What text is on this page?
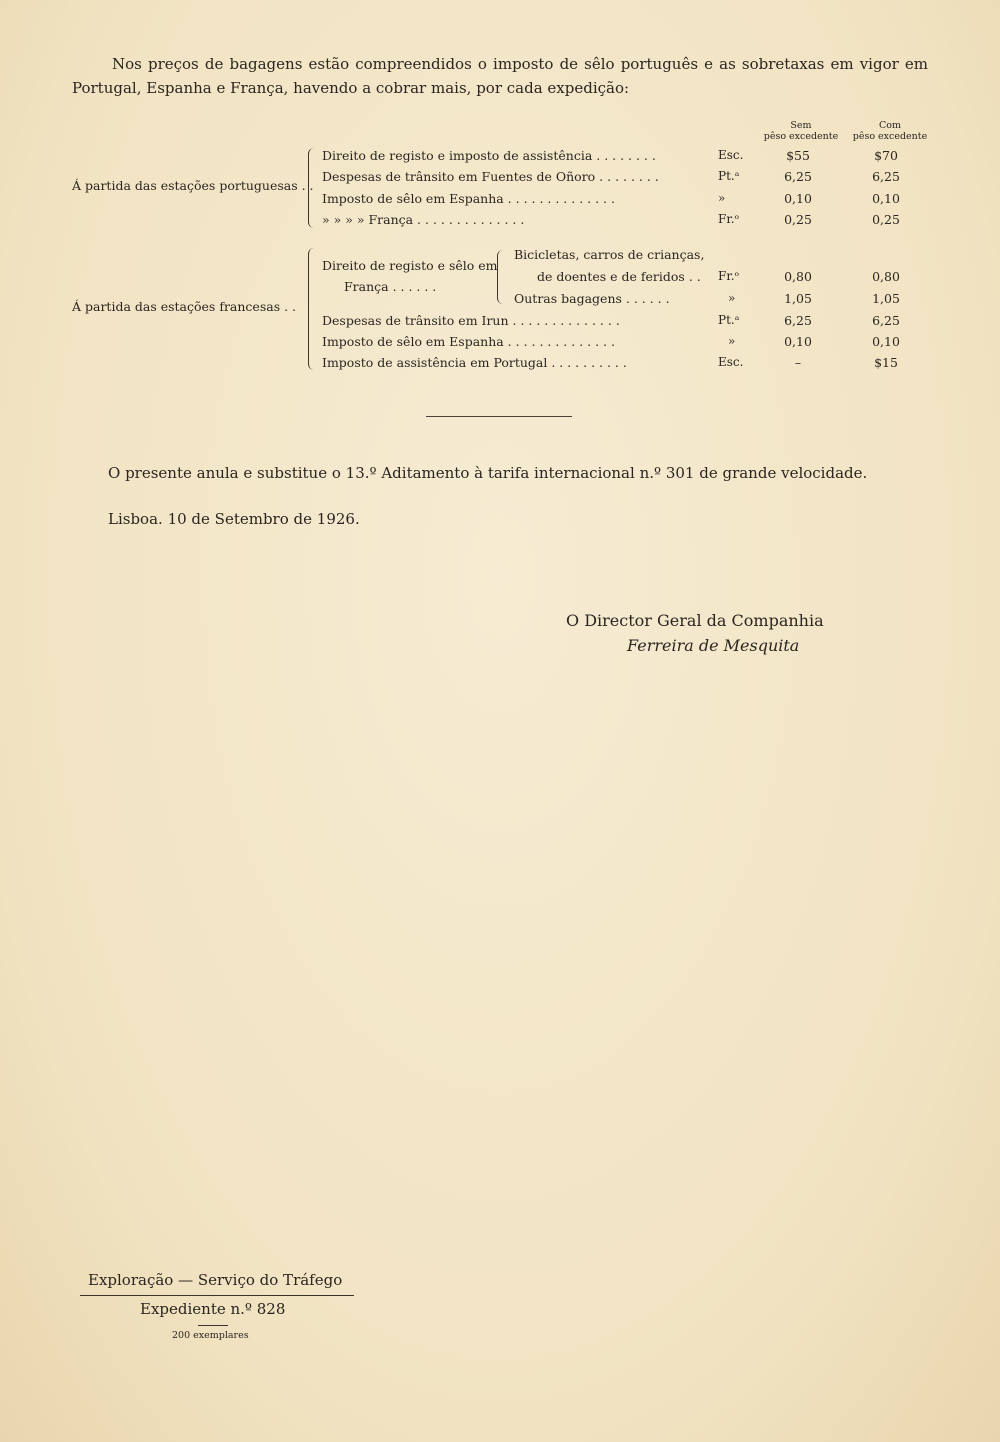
Nos preços de bagagens estão compreendidos o imposto de sêlo português e as sobretaxas em vigor em Portugal, Espanha e França, havendo a cobrar mais, por cada expedição:
Sem
pêso excedente
Com
pêso excedente
Á partida das estações portuguesas . .
Direito de registo e imposto de assistência . . . . . . . .	Esc.	$55	$70
Despesas de trânsito em Fuentes de Oñoro . . . . . . . .	Pt.ᵃ	6,25	6,25
Imposto de sêlo em Espanha . . . . . . . . . . . . . .	»	0,10	0,10
» » » » França . . . . . . . . . . . . . .	Fr.ᵒ	0,25	0,25
Á partida das estações francesas . .
Direito de registo e sêlo em
França . . . . . .
Bicicletas, carros de crianças,
de doentes e de feridos . . Fr.ᵒ	0,80	0,80
Outras bagagens . . . . . .	»	1,05	1,05
Despesas de trânsito em Irun . . . . . . . . . . . . . .	Pt.ᵃ	6,25	6,25
Imposto de sêlo em Espanha . . . . . . . . . . . . . .	»	0,10	0,10
Imposto de assistência em Portugal . . . . . . . . . .	Esc.	–	$15
O presente anula e substitue o 13.º Aditamento à tarifa internacional n.º 301 de grande velocidade.
Lisboa. 10 de Setembro de 1926.
O Director Geral da Companhia
Ferreira de Mesquita
Exploração — Serviço do Tráfego
Expediente n.º 828
200 exemplares
